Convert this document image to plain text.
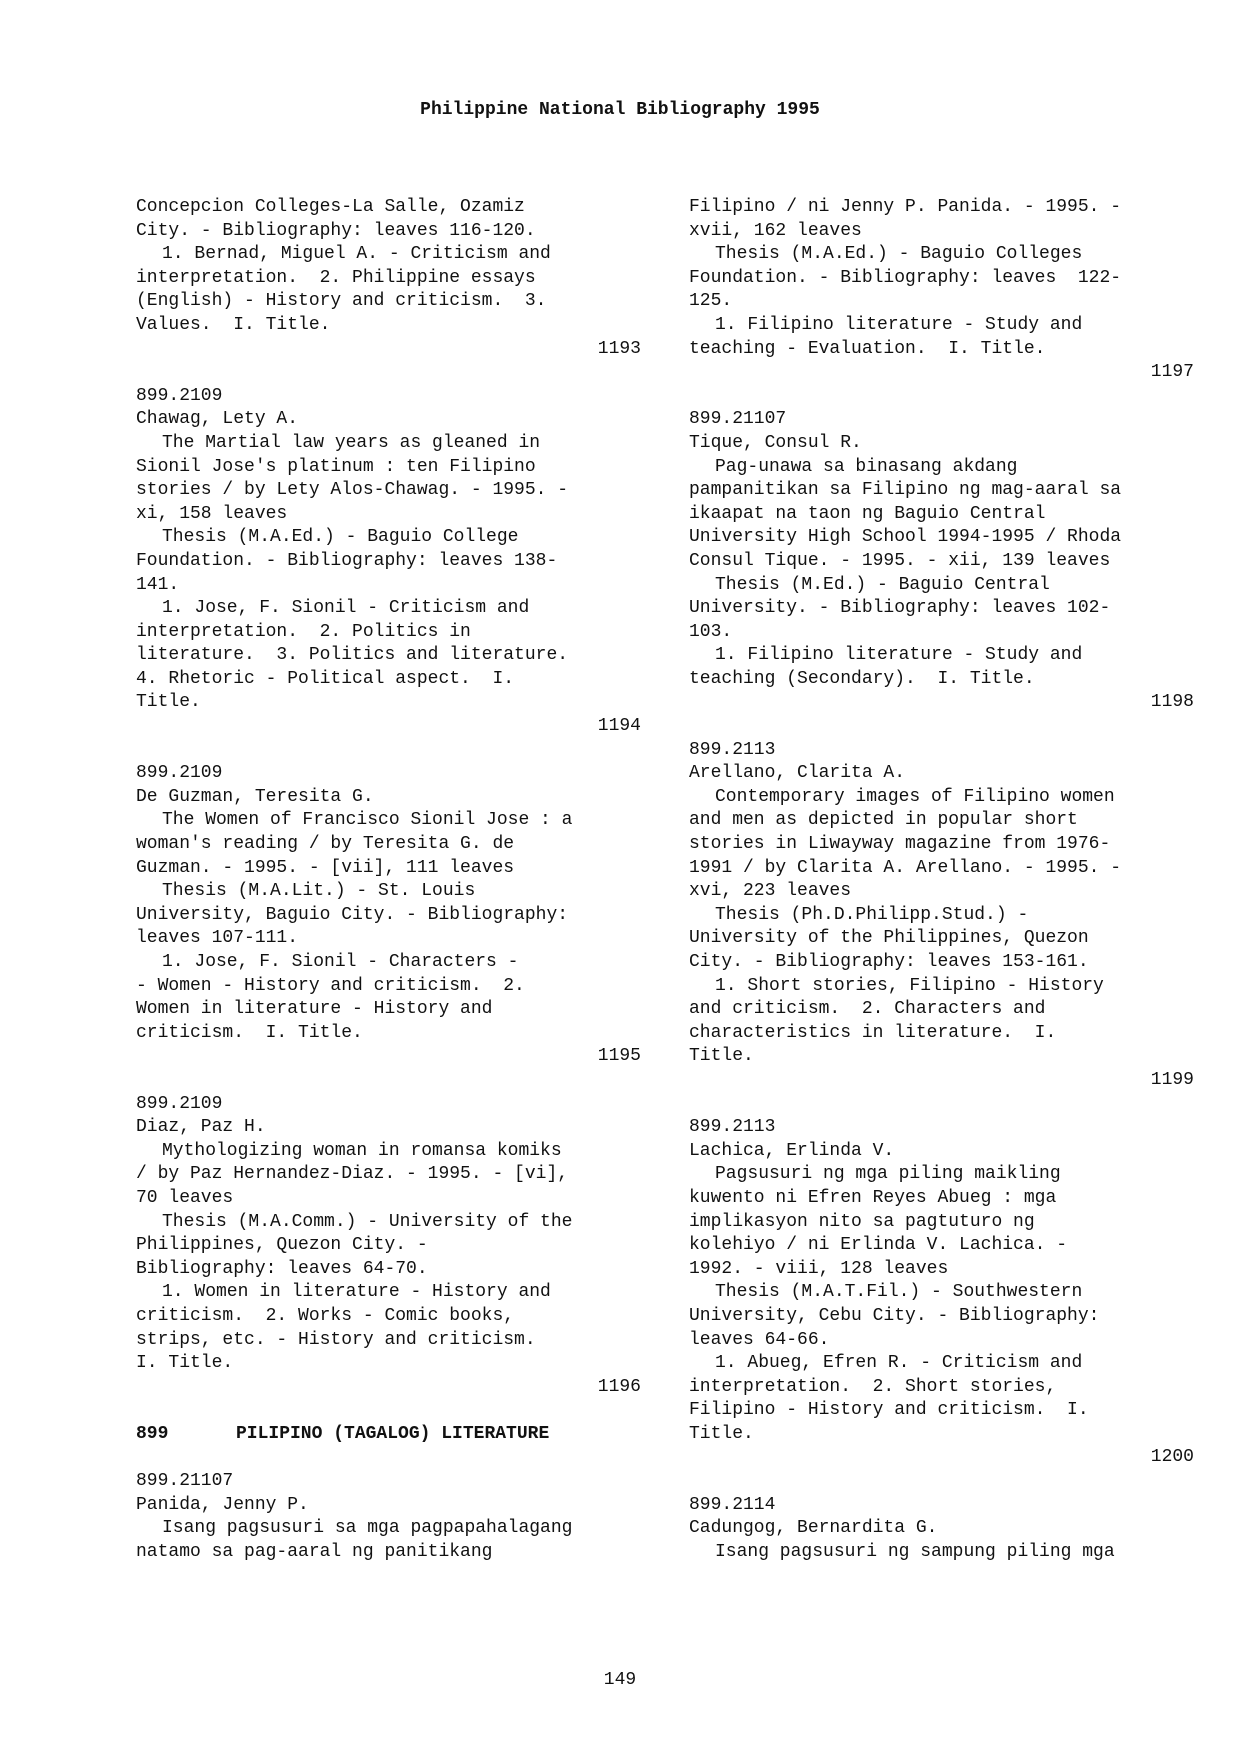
Philippine National Bibliography 1995
Concepcion Colleges-La Salle, Ozamiz
City. - Bibliography: leaves 116-120.
1. Bernad, Miguel A. - Criticism and
interpretation.  2. Philippine essays
(English) - History and criticism.  3.
Values.  I. Title.
1193
899.2109
Chawag, Lety A.
The Martial law years as gleaned in
Sionil Jose's platinum : ten Filipino
stories / by Lety Alos-Chawag. - 1995. -
xi, 158 leaves
Thesis (M.A.Ed.) - Baguio College
Foundation. - Bibliography: leaves 138-
141.
1. Jose, F. Sionil - Criticism and
interpretation.  2. Politics in
literature.  3. Politics and literature.
4. Rhetoric - Political aspect.  I.
Title.
1194
899.2109
De Guzman, Teresita G.
The Women of Francisco Sionil Jose : a
woman's reading / by Teresita G. de
Guzman. - 1995. - [vii], 111 leaves
Thesis (M.A.Lit.) - St. Louis
University, Baguio City. - Bibliography:
leaves 107-111.
1. Jose, F. Sionil - Characters -
- Women - History and criticism.  2.
Women in literature - History and
criticism.  I. Title.
1195
899.2109
Diaz, Paz H.
Mythologizing woman in romansa komiks
/ by Paz Hernandez-Diaz. - 1995. - [vi],
70 leaves
Thesis (M.A.Comm.) - University of the
Philippines, Quezon City. -
Bibliography: leaves 64-70.
1. Women in literature - History and
criticism.  2. Works - Comic books,
strips, etc. - History and criticism.
I. Title.
1196
899	PILIPINO (TAGALOG) LITERATURE
899.21107
Panida, Jenny P.
Isang pagsusuri sa mga pagpapahalagang
natamo sa pag-aaral ng panitikang
Filipino / ni Jenny P. Panida. - 1995. -
xvii, 162 leaves
Thesis (M.A.Ed.) - Baguio Colleges
Foundation. - Bibliography: leaves  122-
125.
1. Filipino literature - Study and
teaching - Evaluation.  I. Title.
1197
899.21107
Tique, Consul R.
Pag-unawa sa binasang akdang
pampanitikan sa Filipino ng mag-aaral sa
ikaapat na taon ng Baguio Central
University High School 1994-1995 / Rhoda
Consul Tique. - 1995. - xii, 139 leaves
Thesis (M.Ed.) - Baguio Central
University. - Bibliography: leaves 102-
103.
1. Filipino literature - Study and
teaching (Secondary).  I. Title.
1198
899.2113
Arellano, Clarita A.
Contemporary images of Filipino women
and men as depicted in popular short
stories in Liwayway magazine from 1976-
1991 / by Clarita A. Arellano. - 1995. -
xvi, 223 leaves
Thesis (Ph.D.Philipp.Stud.) -
University of the Philippines, Quezon
City. - Bibliography: leaves 153-161.
1. Short stories, Filipino - History
and criticism.  2. Characters and
characteristics in literature.  I.
Title.
1199
899.2113
Lachica, Erlinda V.
Pagsusuri ng mga piling maikling
kuwento ni Efren Reyes Abueg : mga
implikasyon nito sa pagtuturo ng
kolehiyo / ni Erlinda V. Lachica. -
1992. - viii, 128 leaves
Thesis (M.A.T.Fil.) - Southwestern
University, Cebu City. - Bibliography:
leaves 64-66.
1. Abueg, Efren R. - Criticism and
interpretation.  2. Short stories,
Filipino - History and criticism.  I.
Title.
1200
899.2114
Cadungog, Bernardita G.
Isang pagsusuri ng sampung piling mga
149
